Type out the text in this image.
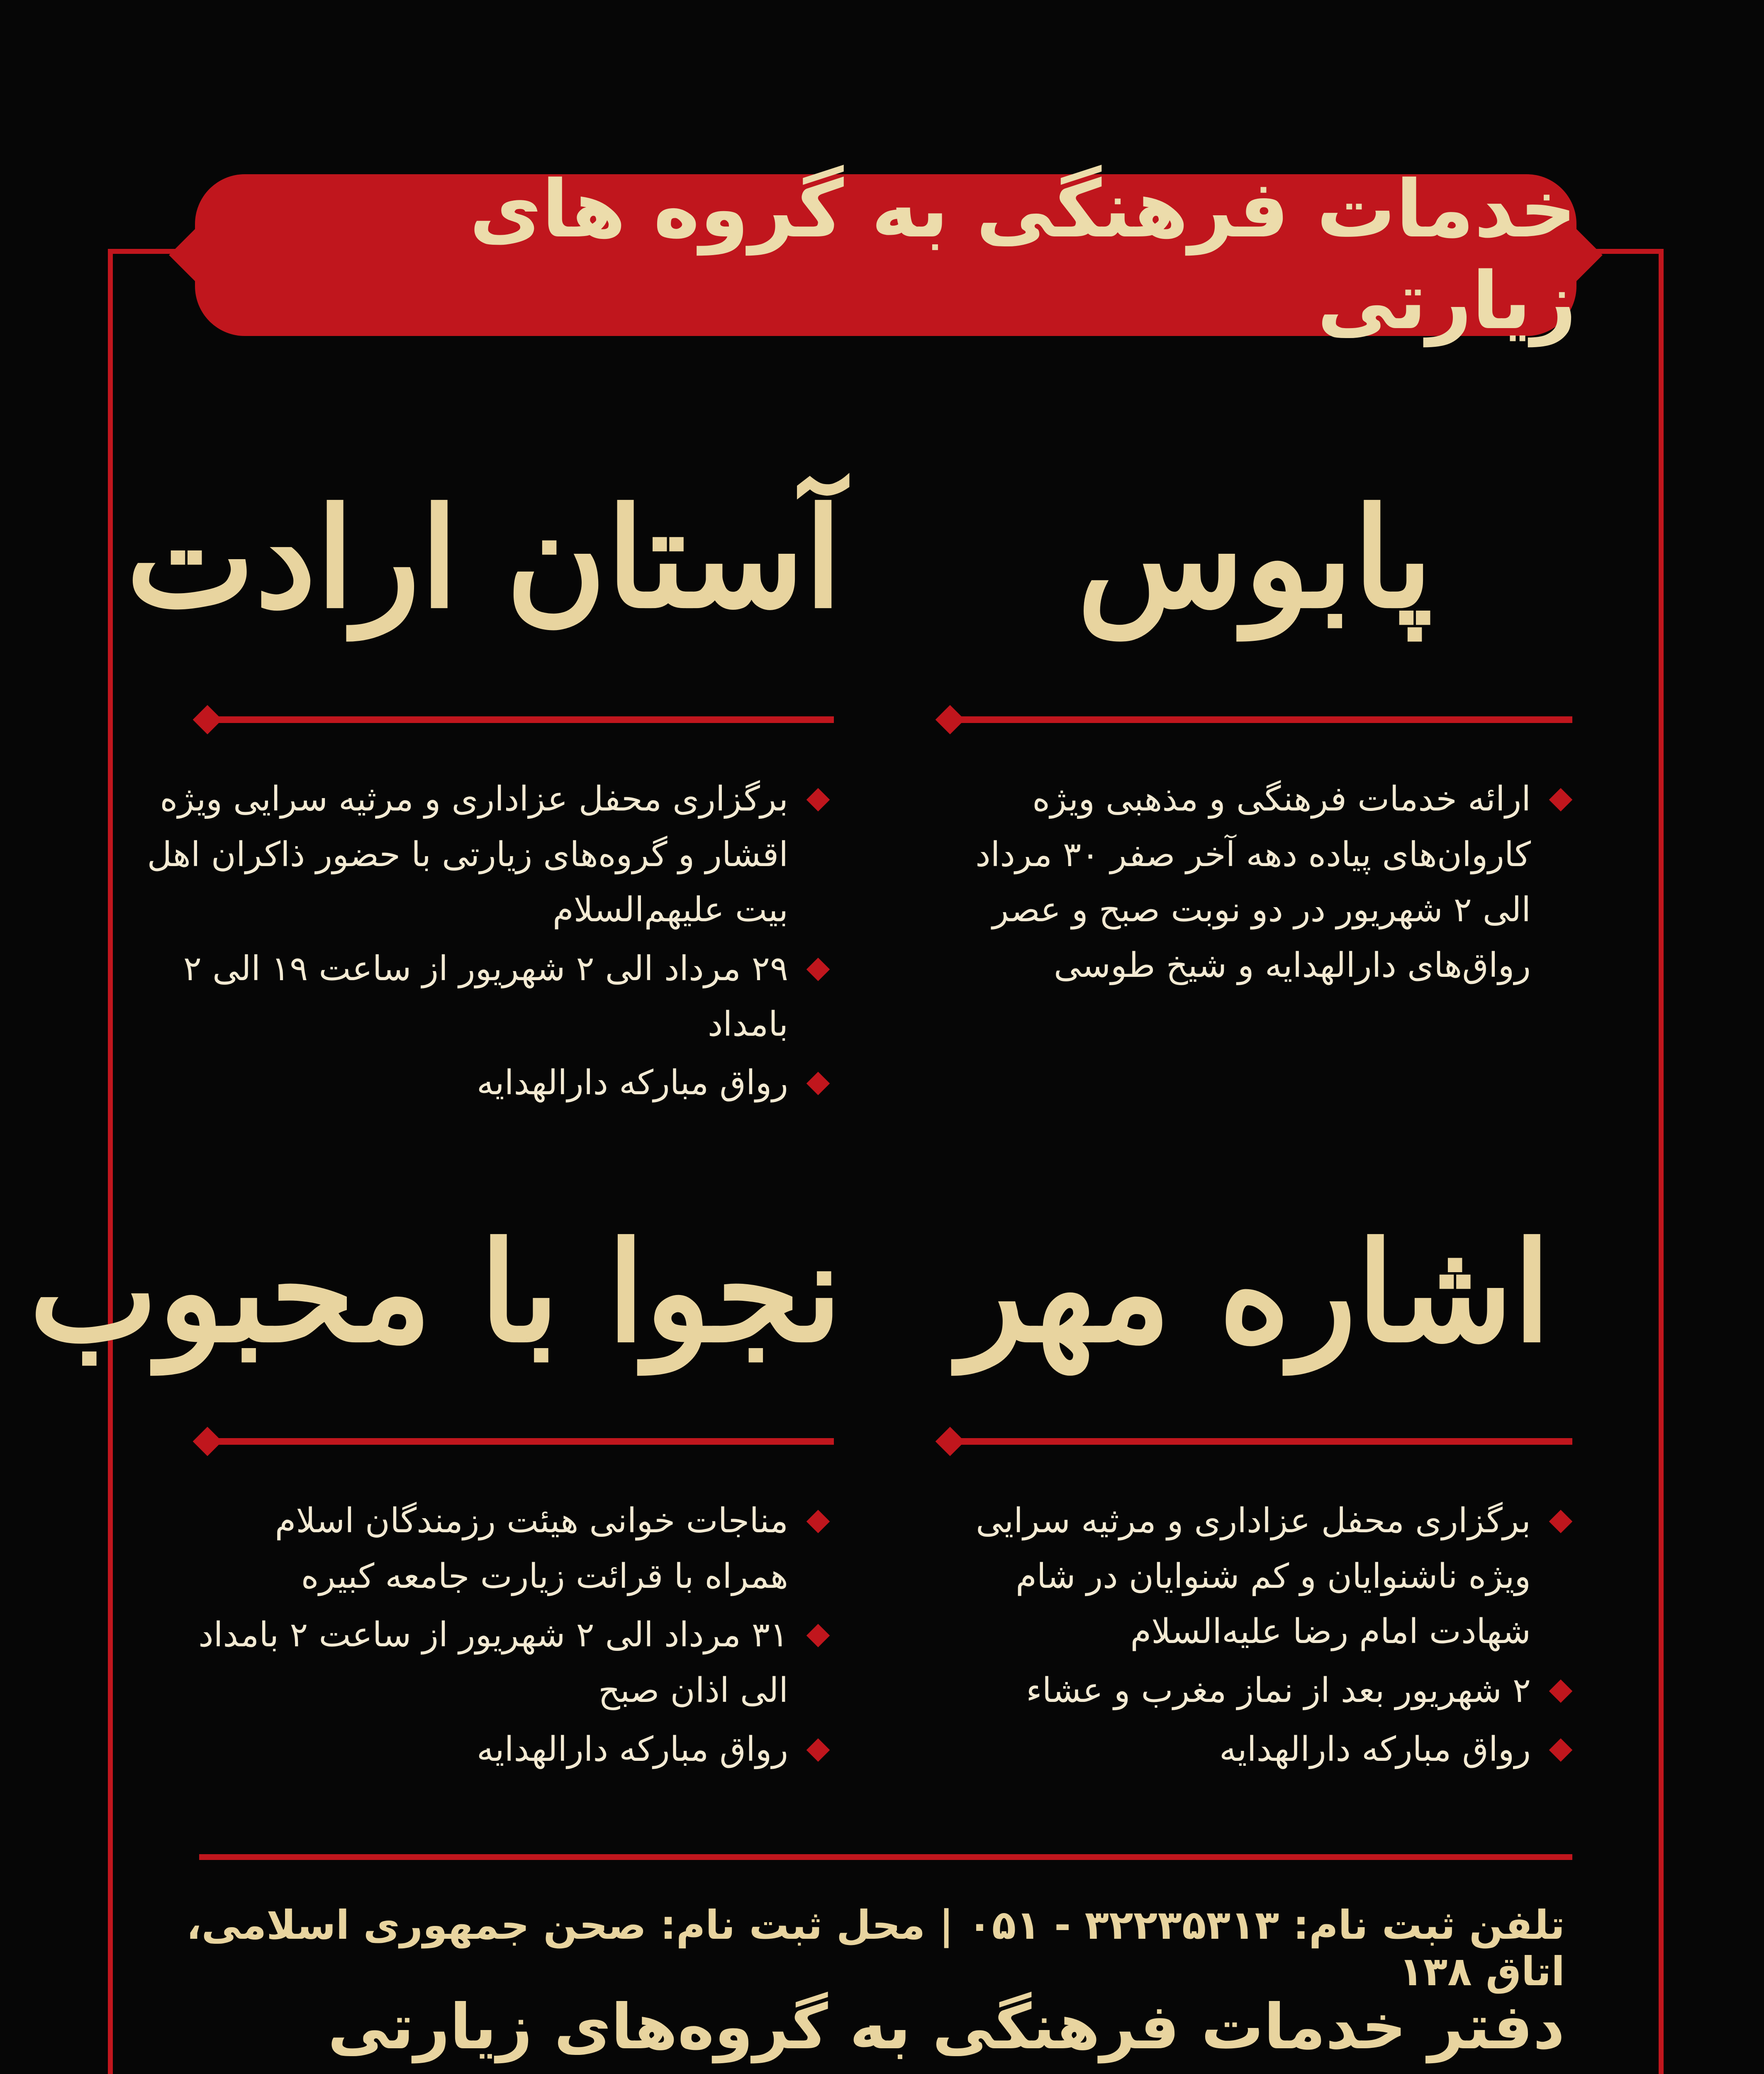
خدمات فرهنگی به گروه های زیارتی
پابوس
ارائه خدمات فرهنگی و مذهبی ویژه کاروان‌های پیاده دهه آخر صفر ۳۰ مرداد الی ۲ شهریور در دو نوبت صبح و عصر رواق‌های دارالهدایه و شیخ طوسی
آستان ارادت
برگزاری محفل عزاداری و مرثیه سرایی ویژه اقشار و گروه‌های زیارتی با حضور ذاکران اهل بیت علیهم‌السلام
۲۹ مرداد الی ۲ شهریور از ساعت ۱۹ الی ۲ بامداد
رواق مبارکه دارالهدایه
اشاره مهر
برگزاری محفل عزاداری و مرثیه سرایی ویژه ناشنوایان و کم شنوایان در شام شهادت امام رضا علیه‌السلام
۲ شهریور بعد از نماز مغرب و عشاء
رواق مبارکه دارالهدایه
نجوا با محبوب
مناجات خوانی هیئت رزمندگان اسلام همراه با قرائت زیارت جامعه کبیره
۳۱ مرداد الی ۲ شهریور از ساعت ۲ بامداد الی اذان صبح
رواق مبارکه دارالهدایه
تلفن ثبت نام: ۳۲۲۳۵۳۱۳ - ۰۵۱ | محل ثبت نام: صحن جمهوری اسلامی، اتاق ۱۳۸
دفتر خدمات فرهنگی به گروه‌های زیارتی
